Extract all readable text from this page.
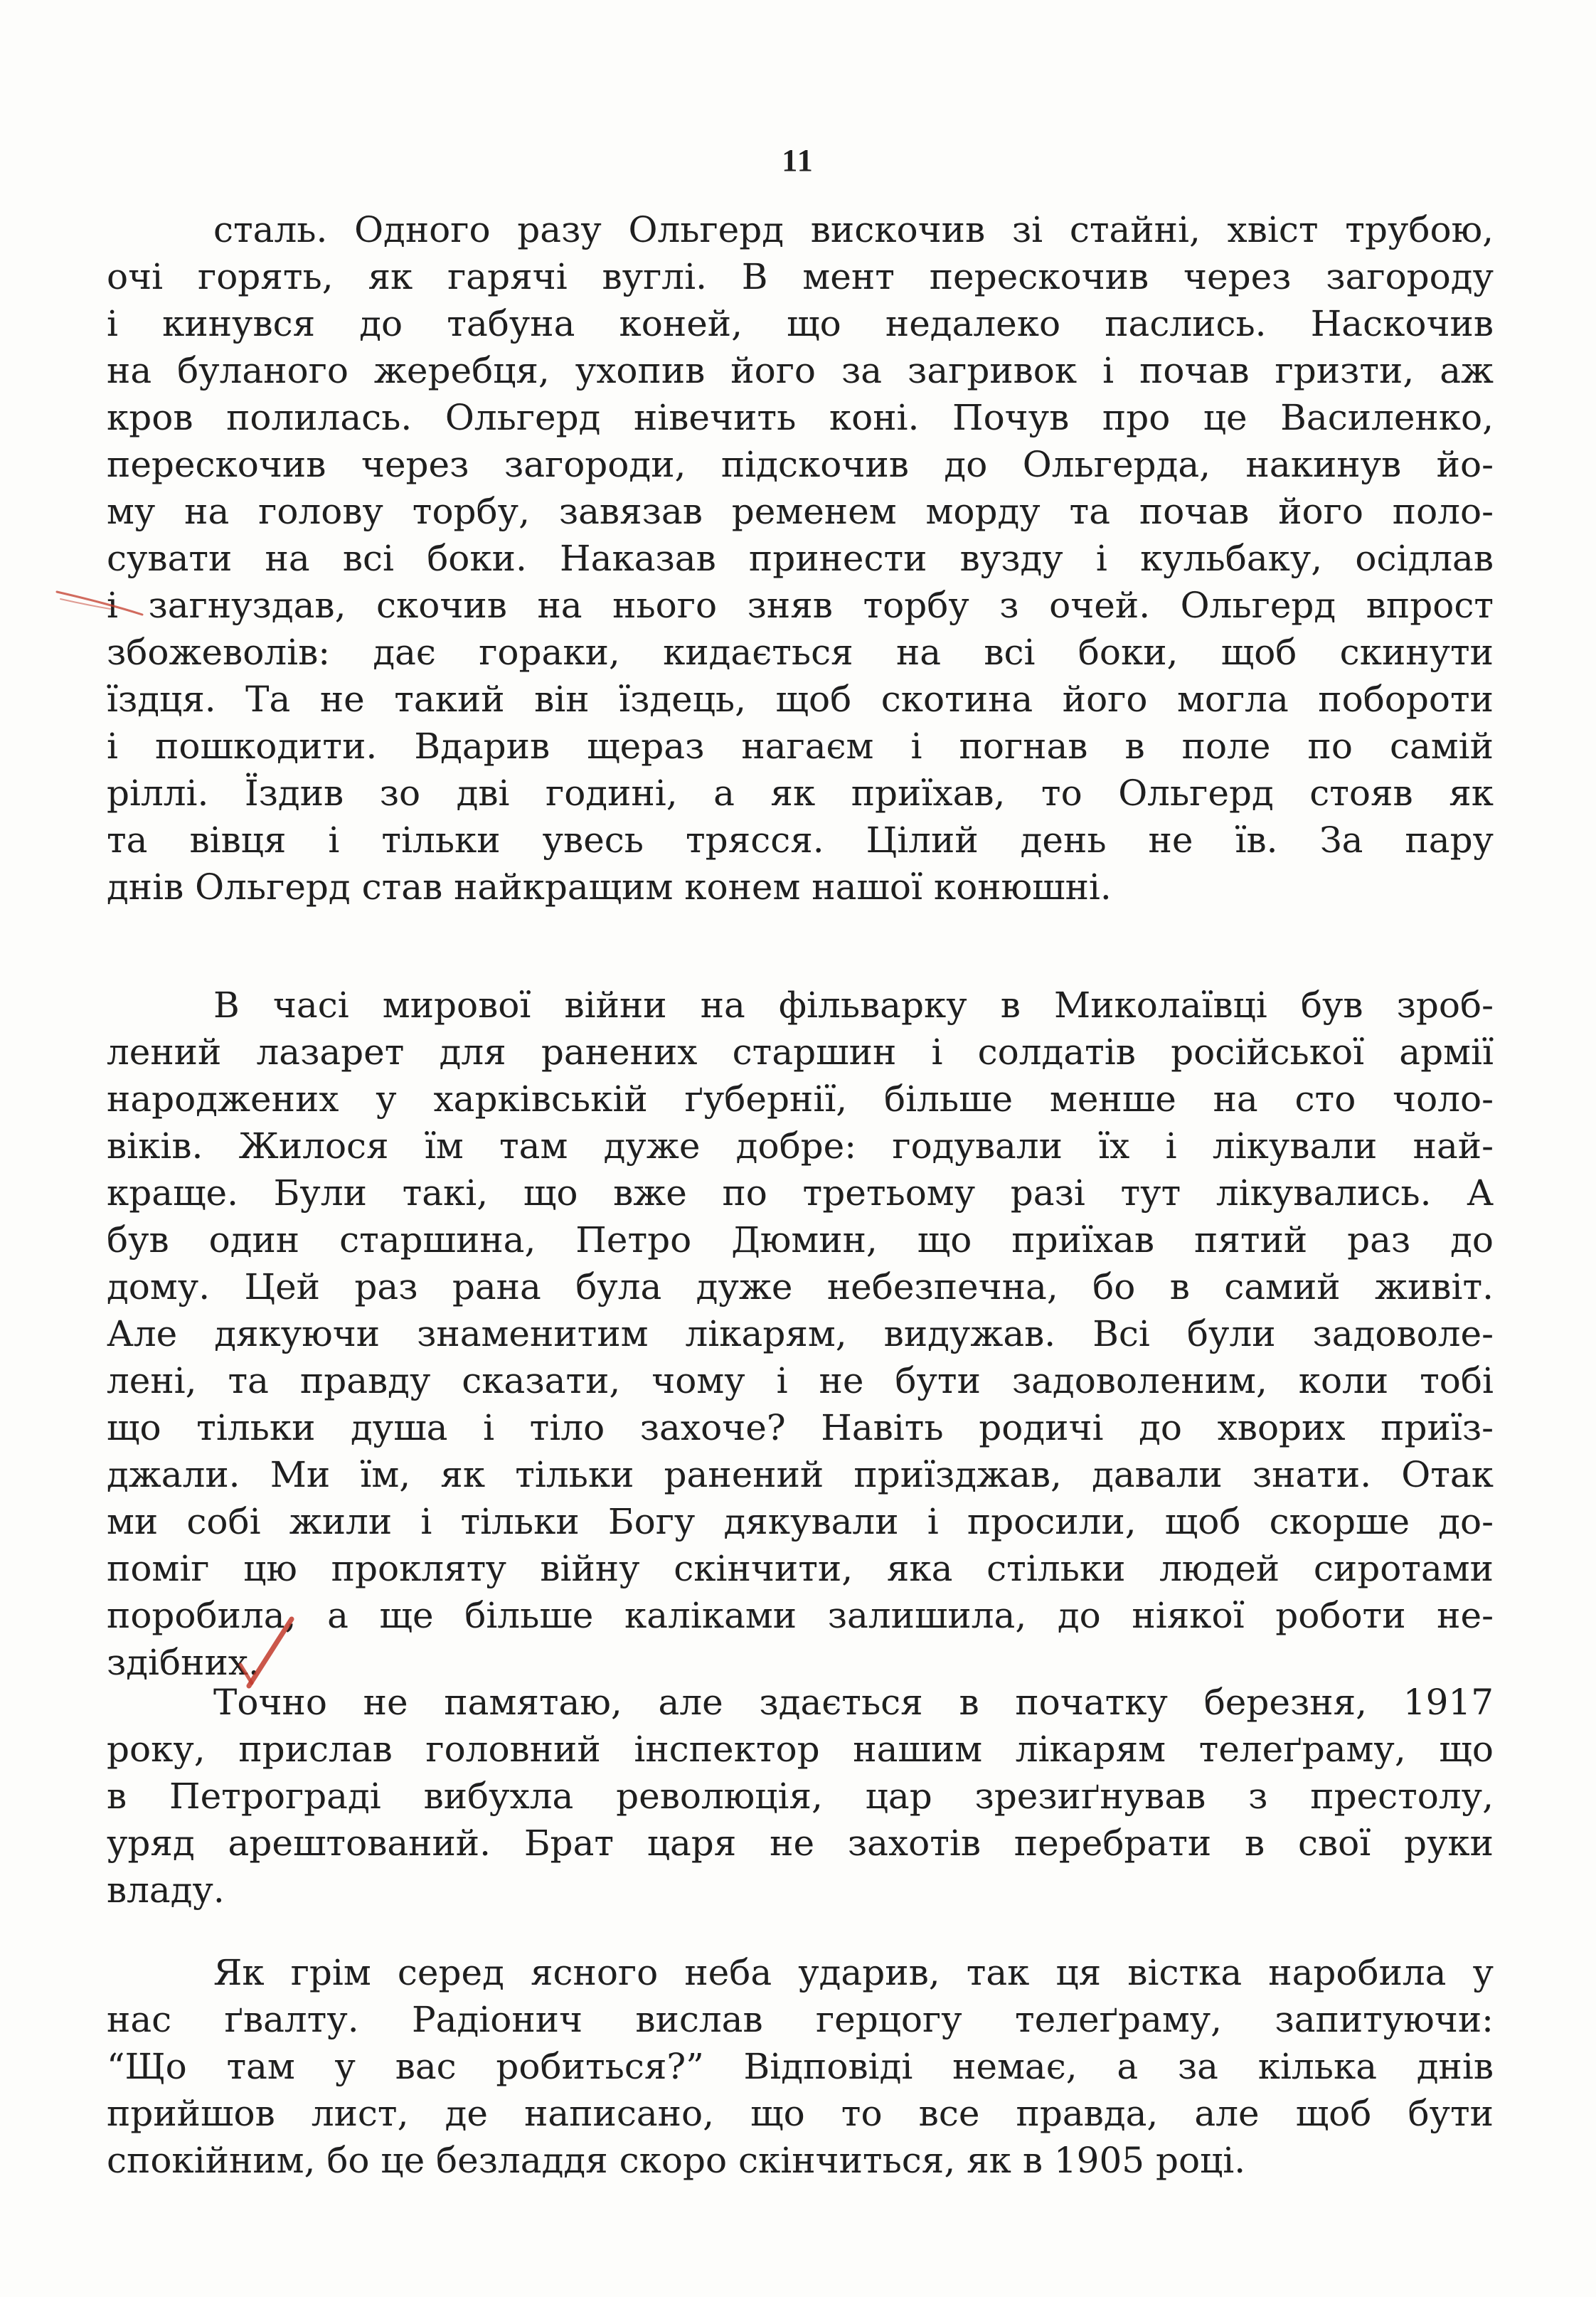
11
сталь. Одного разу Ольгерд вискочив зі стайні, хвіст трубою,
очі горять, як гарячі вуглі. В мент перескочив через загороду
і кинувся до табуна коней, що недалеко паслись. Наскочив
на буланого жеребця, ухопив його за загривок і почав гризти, аж
кров полилась. Ольгерд нівечить коні. Почув про це Василенко,
перескочив через загороди, підскочив до Ольгерда, накинув йо-
му на голову торбу, завязав ременем морду та почав його поло-
сувати на всі боки. Наказав принести вузду і кульбаку, осідлав
і загнуздав, скочив на нього зняв торбу з очей. Ольгерд впрост
збожеволів: дає гораки, кидається на всі боки, щоб скинути
їздця. Та не такий він їздець, щоб скотина його могла побороти
і пошкодити. Вдарив щераз нагаєм і погнав в поле по самій
ріллі. Їздив зо дві годині, а як приїхав, то Ольгерд стояв як
та вівця і тільки увесь трясся. Цілий день не їв. За пару
днів Ольгерд став найкращим конем нашої конюшні.
В часі мирової війни на фільварку в Миколаївці був зроб-
лений лазарет для ранених старшин і солдатів російської армії
народжених у харківській ґубернії, більше менше на сто чоло-
віків. Жилося їм там дуже добре: годували їх і лікували най-
краще. Були такі, що вже по третьому разі тут лікувались. А
був один старшина, Петро Дюмин, що приїхав пятий раз до
дому. Цей раз рана була дуже небезпечна, бо в самий живіт.
Але дякуючи знаменитим лікарям, видужав. Всі були задоволе-
лені, та правду сказати, чому і не бути задоволеним, коли тобі
що тільки душа і тіло захоче? Навіть родичі до хворих приїз-
джали. Ми їм, як тільки ранений приїзджав, давали знати. Отак
ми собі жили і тільки Богу дякували і просили, щоб скорше до-
поміг цю проклятy війну скінчити, яка стільки людей сиротами
поробила, а ще більше каліками залишила, до ніякої роботи не-
здібних.
Точно не памятаю, але здається в початку березня, 1917
року, прислав головний інспектор нашим лікарям телеґраму, що
в Петрограді вибухла революція, цар зрезиґнував з престолу,
уряд арештований. Брат царя не захотів перебрати в свої руки
владу.
Як грім серед ясного неба ударив, так ця вістка наробила у
нас ґвалту. Радіонич вислав герцогу телеґраму, запитуючи:
“Що там у вас робиться?” Відповіді немає, а за кілька днів
прийшов лист, де написано, що то все правда, але щоб бути
спокійним, бо це безладдя скоро скінчиться, як в 1905 році.
